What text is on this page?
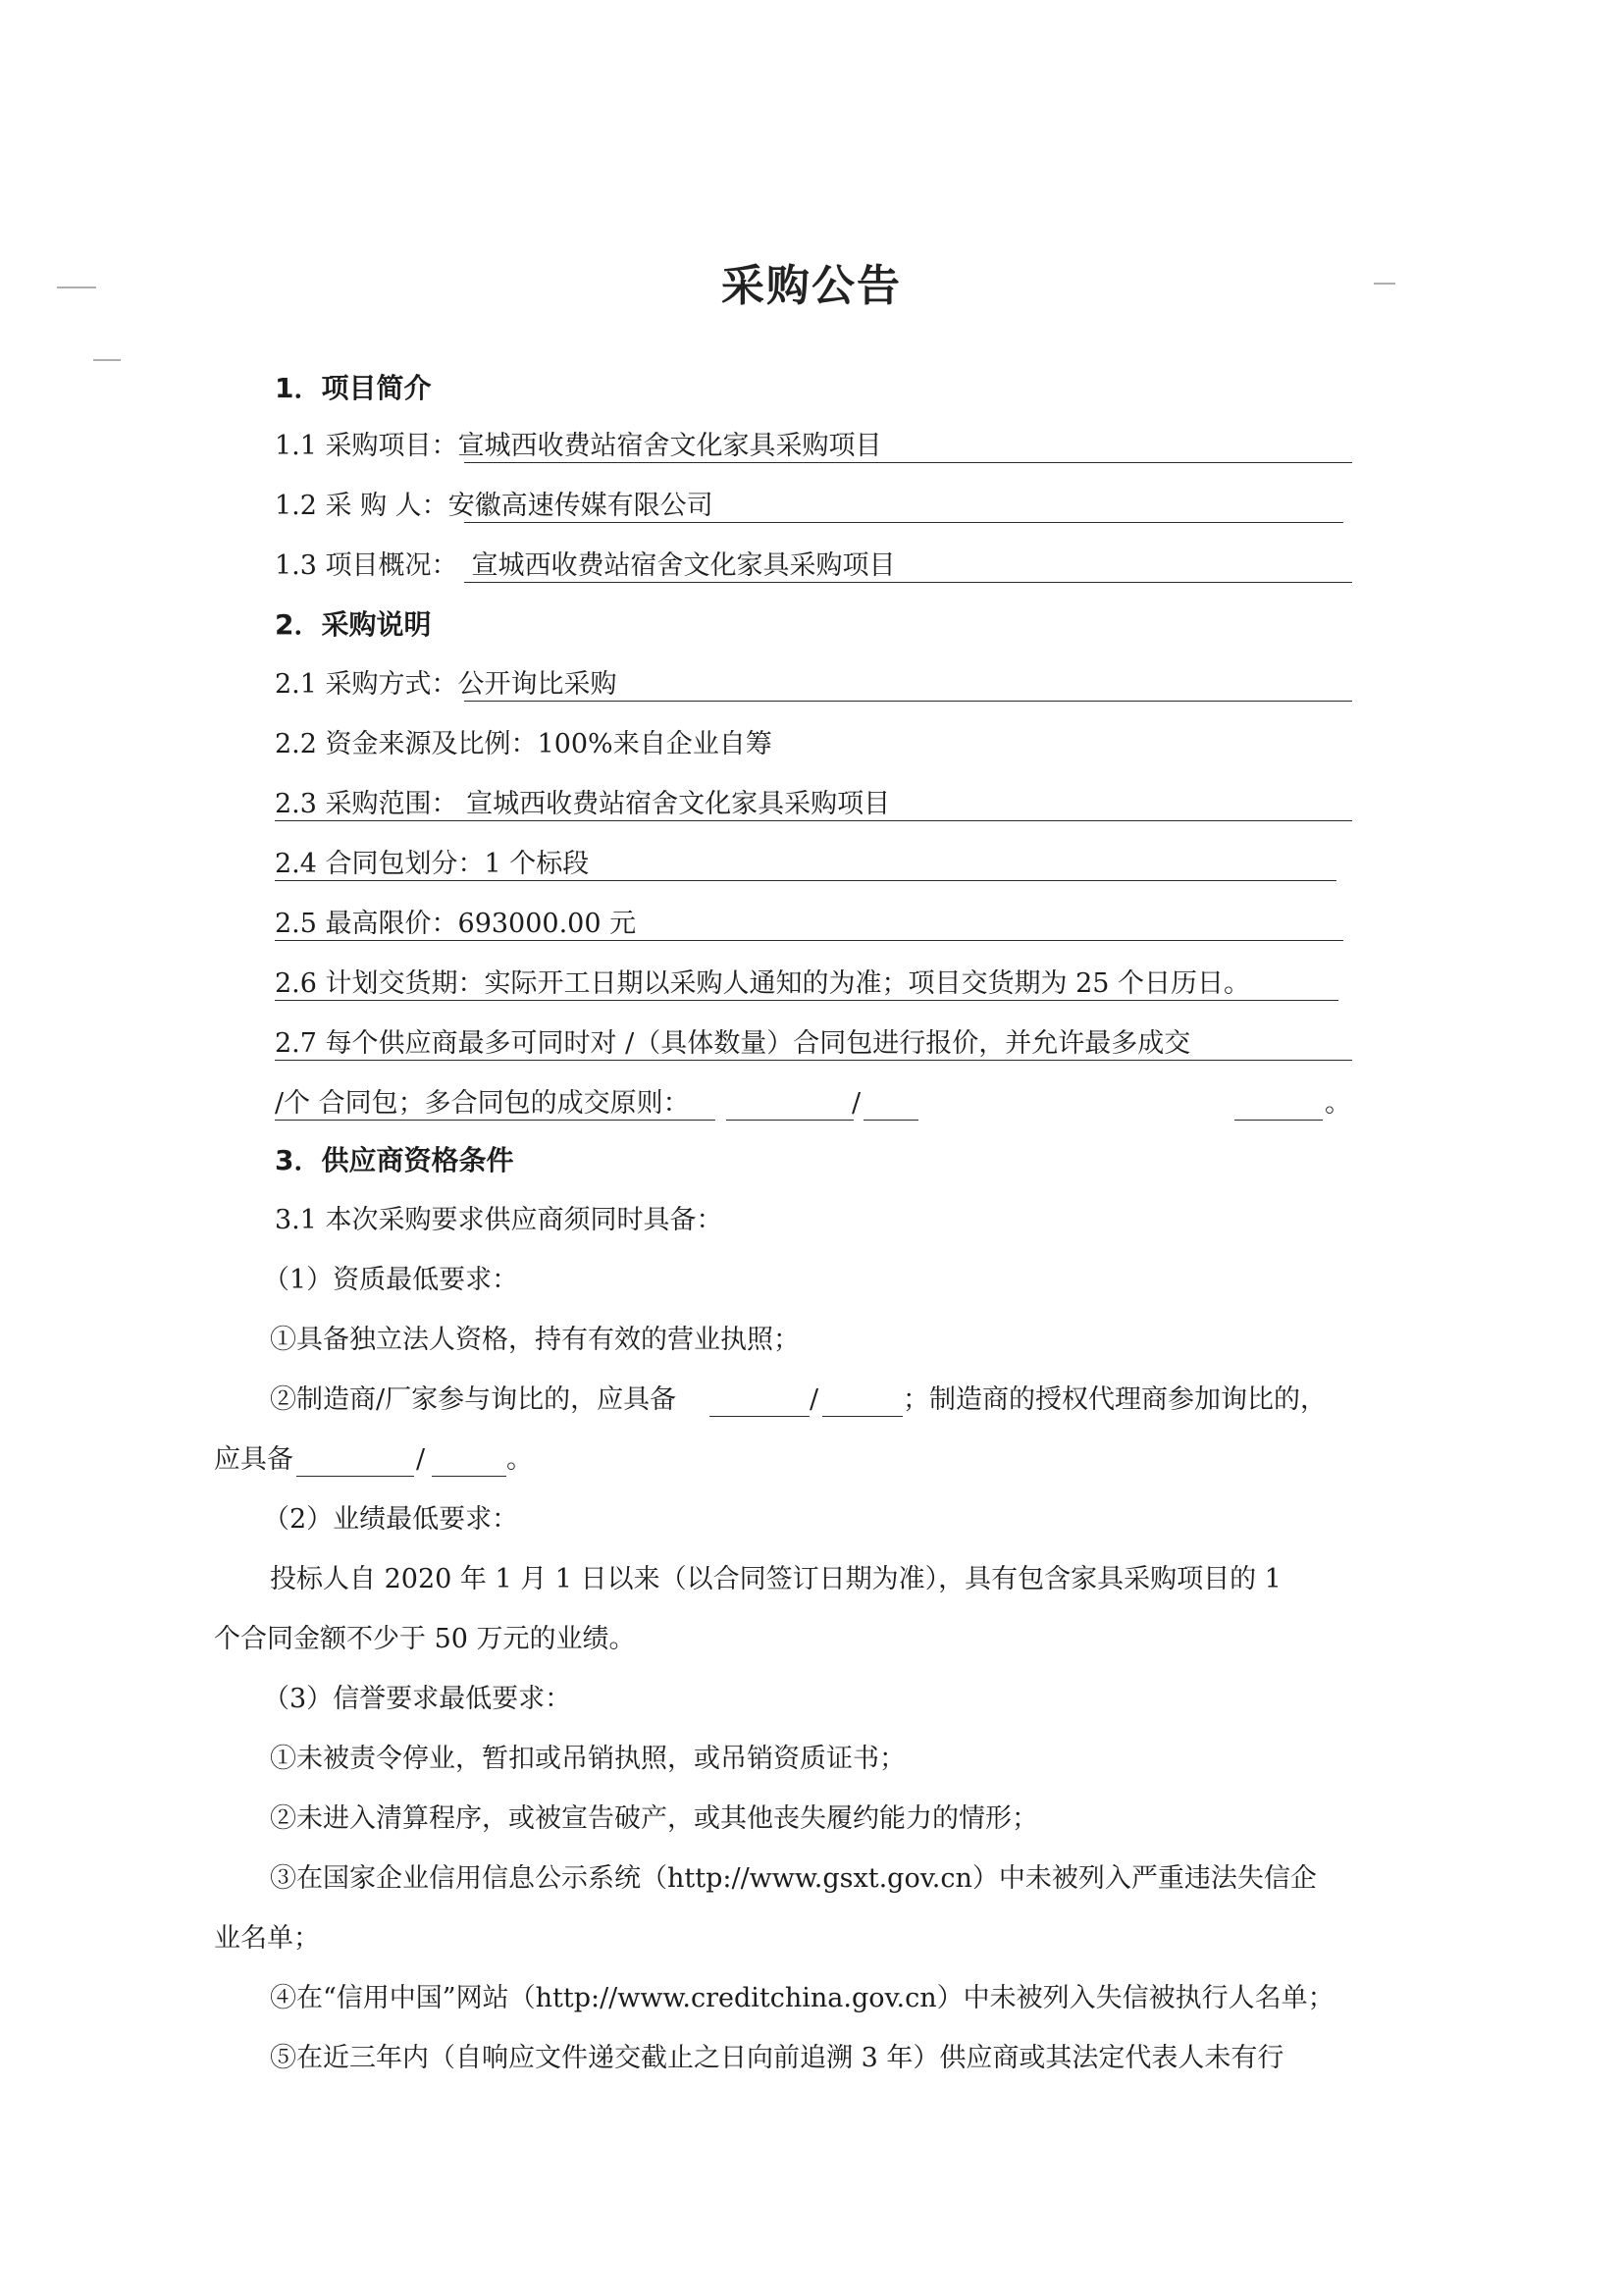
采购公告
1．项目简介
1.1 采购项目：宣城西收费站宿舍文化家具采购项目
1.2 采 购 人：安徽高速传媒有限公司
1.3 项目概况： 宣城西收费站宿舍文化家具采购项目
2．采购说明
2.1 采购方式：公开询比采购
2.2 资金来源及比例：100%来自企业自筹
2.3 采购范围： 宣城西收费站宿舍文化家具采购项目
2.4 合同包划分：1 个标段
2.5 最高限价：693000.00 元
2.6 计划交货期：实际开工日期以采购人通知的为准；项目交货期为 25 个日历日。
2.7 每个供应商最多可同时对 /（具体数量）合同包进行报价，并允许最多成交
/个 合同包；多合同包的成交原则：	/	。
3．供应商资格条件
3.1 本次采购要求供应商须同时具备：
（1）资质最低要求：
①具备独立法人资格，持有有效的营业执照；
②制造商/厂家参与询比的，应具备	/	；制造商的授权代理商参加询比的，
应具备	/	。
（2）业绩最低要求：
投标人自 2020 年 1 月 1 日以来（以合同签订日期为准），具有包含家具采购项目的 1
个合同金额不少于 50 万元的业绩。
（3）信誉要求最低要求：
①未被责令停业，暂扣或吊销执照，或吊销资质证书；
②未进入清算程序，或被宣告破产，或其他丧失履约能力的情形；
③在国家企业信用信息公示系统（http://www.gsxt.gov.cn）中未被列入严重违法失信企
业名单；
④在“信用中国”网站（http://www.creditchina.gov.cn）中未被列入失信被执行人名单；
⑤在近三年内（自响应文件递交截止之日向前追溯 3 年）供应商或其法定代表人未有行
